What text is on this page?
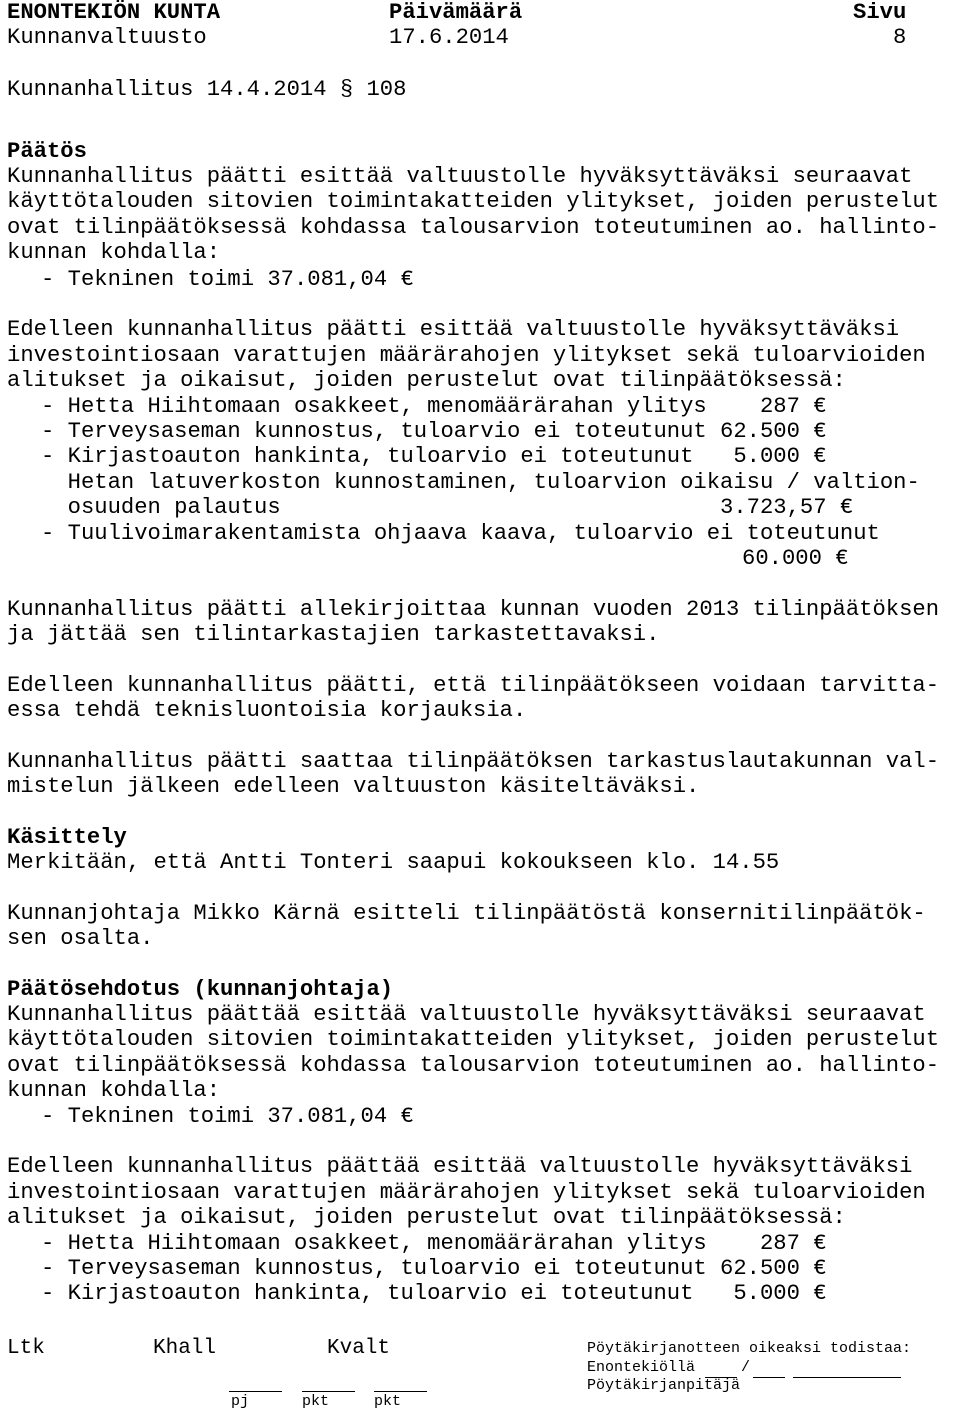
ENONTEKIÖN KUNTA	Päivämäärä	Sivu
Kunnanvaltuusto	17.6.2014	8
Kunnanhallitus 14.4.2014 § 108
Päätös
Kunnanhallitus päätti esittää valtuustolle hyväksyttäväksi seuraavat
käyttötalouden sitovien toimintakatteiden ylitykset, joiden perustelut
ovat tilinpäätöksessä kohdassa talousarvion toteutuminen ao. hallinto-
kunnan kohdalla:
- Tekninen toimi 37.081,04 €
Edelleen kunnanhallitus päätti esittää valtuustolle hyväksyttäväksi
investointiosaan varattujen määrärahojen ylitykset sekä tuloarvioiden
alitukset ja oikaisut, joiden perustelut ovat tilinpäätöksessä:
- Hetta Hiihtomaan osakkeet, menomäärärahan ylitys    287 €
- Terveysaseman kunnostus, tuloarvio ei toteutunut 62.500 €
- Kirjastoauton hankinta, tuloarvio ei toteutunut   5.000 €
Hetan latuverkoston kunnostaminen, tuloarvion oikaisu / valtion-
osuuden palautus                                 3.723,57 €
- Tuulivoimarakentamista ohjaava kaava, tuloarvio ei toteutunut
60.000 €
Kunnanhallitus päätti allekirjoittaa kunnan vuoden 2013 tilinpäätöksen
ja jättää sen tilintarkastajien tarkastettavaksi.
Edelleen kunnanhallitus päätti, että tilinpäätökseen voidaan tarvitta-
essa tehdä teknisluontoisia korjauksia.
Kunnanhallitus päätti saattaa tilinpäätöksen tarkastuslautakunnan val-
mistelun jälkeen edelleen valtuuston käsiteltäväksi.
Käsittely
Merkitään, että Antti Tonteri saapui kokoukseen klo. 14.55
Kunnanjohtaja Mikko Kärnä esitteli tilinpäätöstä konsernitilinpäätök-
sen osalta.
Päätösehdotus (kunnanjohtaja)
Kunnanhallitus päättää esittää valtuustolle hyväksyttäväksi seuraavat
käyttötalouden sitovien toimintakatteiden ylitykset, joiden perustelut
ovat tilinpäätöksessä kohdassa talousarvion toteutuminen ao. hallinto-
kunnan kohdalla:
- Tekninen toimi 37.081,04 €
Edelleen kunnanhallitus päättää esittää valtuustolle hyväksyttäväksi
investointiosaan varattujen määrärahojen ylitykset sekä tuloarvioiden
alitukset ja oikaisut, joiden perustelut ovat tilinpäätöksessä:
- Hetta Hiihtomaan osakkeet, menomäärärahan ylitys    287 €
- Terveysaseman kunnostus, tuloarvio ei toteutunut 62.500 €
- Kirjastoauton hankinta, tuloarvio ei toteutunut   5.000 €
Ltk	Khall	Kvalt
pj	pkt	pkt
Pöytäkirjanotteen oikeaksi todistaa:
Enontekiöllä	/
Pöytäkirjanpitäjä
